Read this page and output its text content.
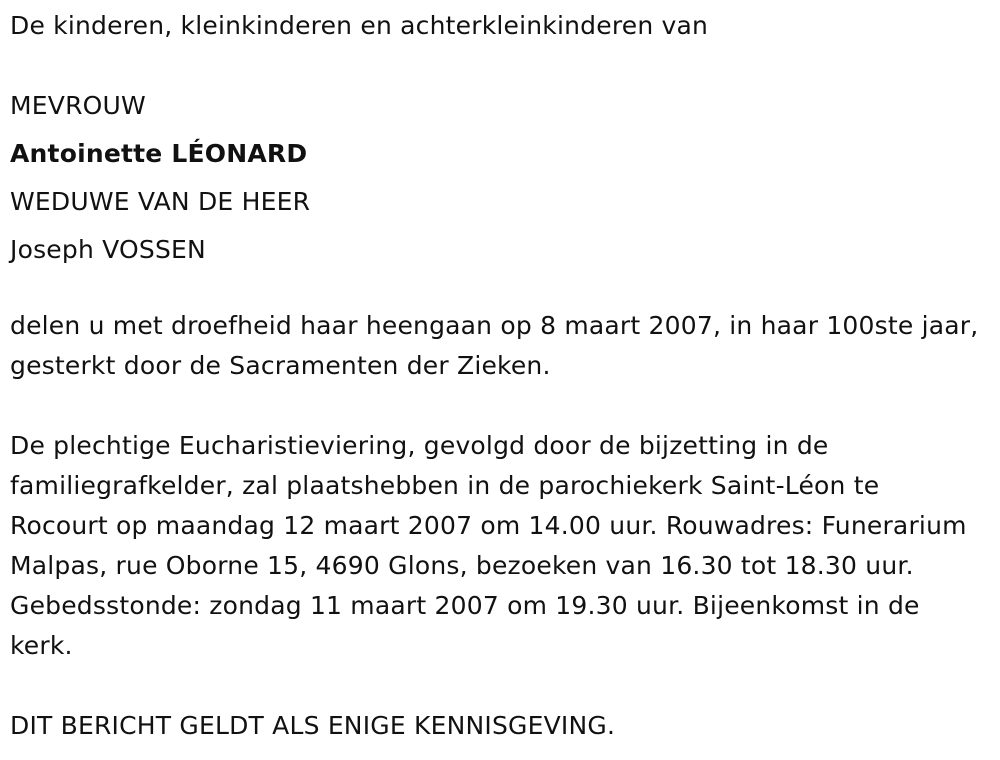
De kinderen, kleinkinderen en achterkleinkinderen van
MEVROUW
Antoinette LÉONARD
WEDUWE VAN DE HEER
Joseph VOSSEN
delen u met droefheid haar heengaan op 8 maart 2007, in haar 100ste jaar, gesterkt door de Sacramenten der Zieken.
De plechtige Eucharistieviering, gevolgd door de bijzetting in de familiegrafkelder, zal plaatshebben in de parochiekerk Saint-Léon te Rocourt op maandag 12 maart 2007 om 14.00 uur. Rouwadres: Funerarium Malpas, rue Oborne 15, 4690 Glons, bezoeken van 16.30 tot 18.30 uur. Gebedsstonde: zondag 11 maart 2007 om 19.30 uur. Bijeenkomst in de kerk.
DIT BERICHT GELDT ALS ENIGE KENNISGEVING.
